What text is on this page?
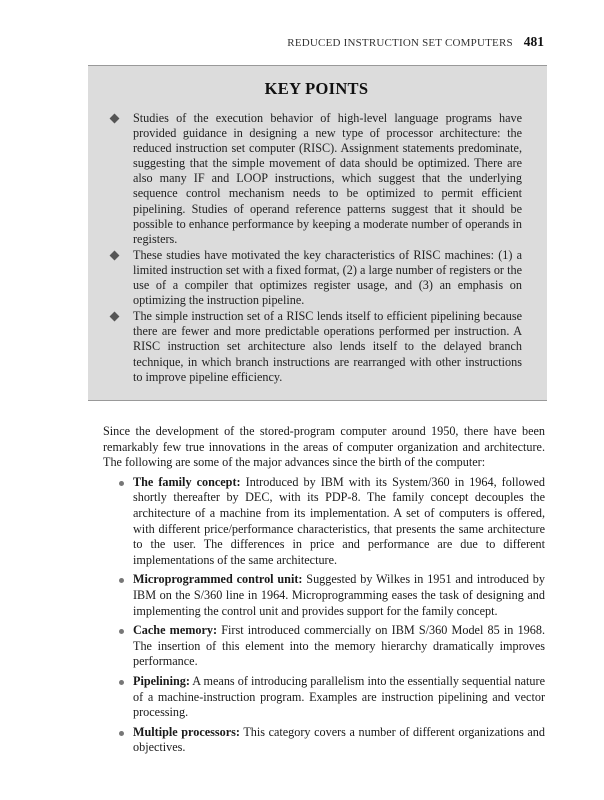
REDUCED INSTRUCTION SET COMPUTERS 481
KEY POINTS
Studies of the execution behavior of high-level language programs have provided guidance in designing a new type of processor architecture: the reduced instruction set computer (RISC). Assignment statements predominate, suggesting that the simple movement of data should be optimized. There are also many IF and LOOP instructions, which suggest that the underlying sequence control mechanism needs to be optimized to permit efficient pipelining. Studies of operand reference patterns suggest that it should be possible to enhance performance by keeping a moderate number of operands in registers.
These studies have motivated the key characteristics of RISC machines: (1) a limited instruction set with a fixed format, (2) a large number of registers or the use of a compiler that optimizes register usage, and (3) an emphasis on optimizing the instruction pipeline.
The simple instruction set of a RISC lends itself to efficient pipelining because there are fewer and more predictable operations performed per instruction. A RISC instruction set architecture also lends itself to the delayed branch technique, in which branch instructions are rearranged with other instructions to improve pipeline efficiency.

Since the development of the stored-program computer around 1950, there have been remarkably few true innovations in the areas of computer organization and architecture. The following are some of the major advances since the birth of the computer:

The family concept: Introduced by IBM with its System/360 in 1964, followed shortly thereafter by DEC, with its PDP-8. The family concept decouples the architecture of a machine from its implementation. A set of computers is offered, with different price/performance characteristics, that presents the same architecture to the user. The differences in price and performance are due to different implementations of the same architecture.
Microprogrammed control unit: Suggested by Wilkes in 1951 and introduced by IBM on the S/360 line in 1964. Microprogramming eases the task of designing and implementing the control unit and provides support for the family concept.
Cache memory: First introduced commercially on IBM S/360 Model 85 in 1968. The insertion of this element into the memory hierarchy dramatically improves performance.
Pipelining: A means of introducing parallelism into the essentially sequential nature of a machine-instruction program. Examples are instruction pipelining and vector processing.
Multiple processors: This category covers a number of different organizations and objectives.
